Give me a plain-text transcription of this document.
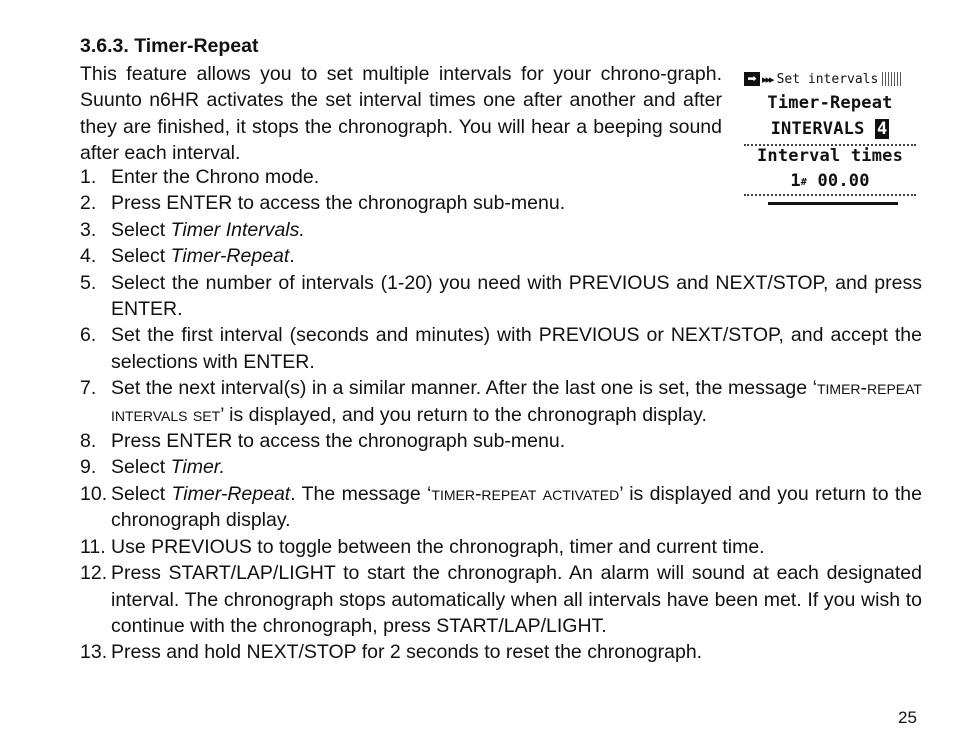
3.6.3. Timer-Repeat

This feature allows you to set multiple intervals for your chrono-graph. Suunto n6HR activates the set interval times one after another and after they are finished, it stops the chronograph. You will hear a beeping sound after each interval.

➡ ▸▸▸ Set intervals
Timer-Repeat
INTERVALS 4
Interval times
1# 00.00
1. Enter the Chrono mode.
2. Press ENTER to access the chronograph sub-menu.
3. Select Timer Intervals.
4. Select Timer-Repeat.
5. Select the number of intervals (1-20) you need with PREVIOUS and NEXT/STOP, and press ENTER.
6. Set the first interval (seconds and minutes) with PREVIOUS or NEXT/STOP, and accept the selections with ENTER.
7. Set the next interval(s) in a similar manner. After the last one is set, the message ‘timer-repeat intervals set’ is displayed, and you return to the chronograph display.
8. Press ENTER to access the chronograph sub-menu.
9. Select Timer.
10. Select Timer-Repeat. The message ‘timer-repeat activated’ is displayed and you return to the chronograph display.
11. Use PREVIOUS to toggle between the chronograph, timer and current time.
12. Press START/LAP/LIGHT to start the chronograph. An alarm will sound at each designated interval. The chronograph stops automatically when all intervals have been met. If you wish to continue with the chronograph, press START/LAP/LIGHT.
13. Press and hold NEXT/STOP for 2 seconds to reset the chronograph.
25
